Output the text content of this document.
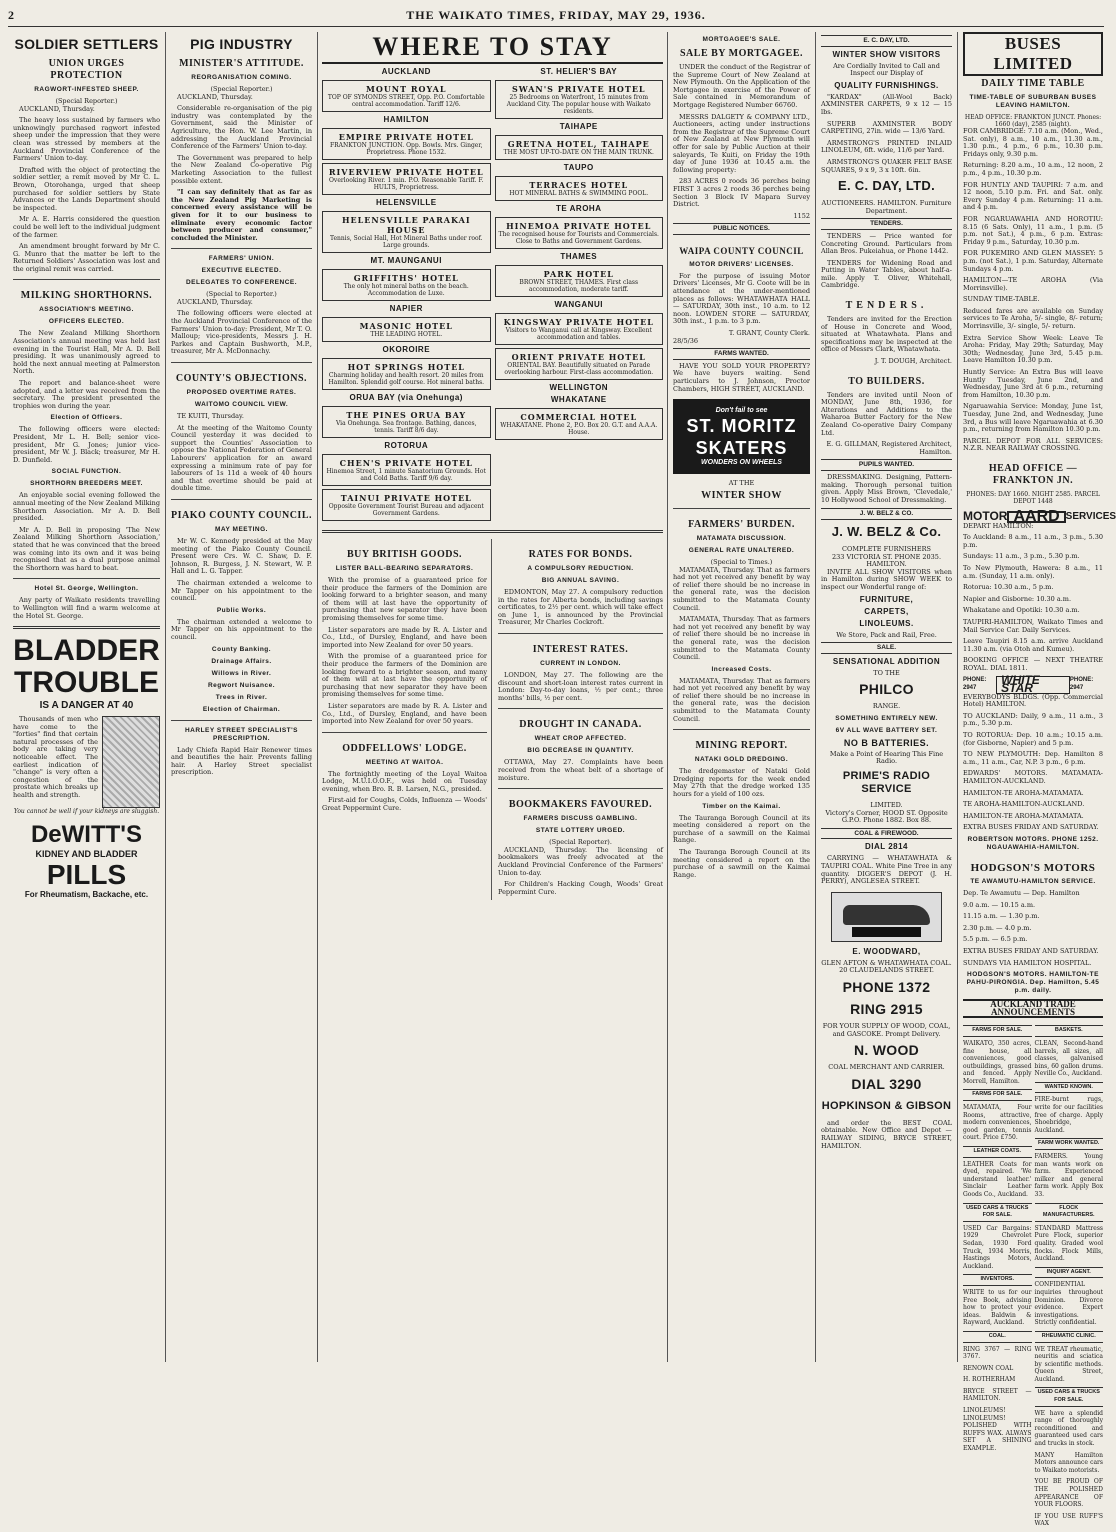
2	THE WAIKATO TIMES, FRIDAY, MAY 29, 1936.
SOLDIER SETTLERS
UNION URGES PROTECTION
RAGWORT-INFESTED SHEEP.
(Special Reporter.)

AUCKLAND, Thursday.

The heavy loss sustained by farmers who unknowingly purchased ragwort infested sheep under the impression that they were clean was stressed by members at the Auckland Provincial Conference of the Farmers' Union to-day.

Drafted with the object of protecting the soldier settler, a remit moved by Mr C. L. Brown, Otorohanga, urged that sheep purchased for soldier settlers by State Advances or the Lands Department should be inspected.

Mr A. E. Harris considered the question could be well left to the individual judgment of the farmer.

An amendment brought forward by Mr C. G. Munro that the matter be left to the Returned Soldiers' Association was lost and the original remit was carried.

MILKING SHORTHORNS.
ASSOCIATION'S MEETING.
OFFICERS ELECTED.

The New Zealand Milking Shorthorn Association's annual meeting was held last evening in the Tourist Hall, Mr A. D. Bell presiding. It was unanimously agreed to hold the next annual meeting at Palmerston North.

The report and balance-sheet were adopted, and a letter was received from the secretary. The president presented the trophies won during the year.

Election of Officers.

The following officers were elected: President, Mr L. H. Bell; senior vice-president, Mr G. Jones; junior vice-president, Mr W. J. Black; treasurer, Mr H. D. Dunfield.

SOCIAL FUNCTION.
SHORTHORN BREEDERS MEET.

An enjoyable social evening followed the annual meeting of the New Zealand Milking Shorthorn Association. Mr A. D. Bell presided.

Mr A. D. Bell in proposing 'The New Zealand Milking Shorthorn Association,' stated that he was convinced that the breed was coming into its own and it was being recognised that as a dual purpose animal the Shorthorn was hard to beat.

Hotel St. George, Wellington.

Any party of Waikato residents travelling to Wellington will find a warm welcome at the Hotel St. George.

BLADDER
TROUBLE
IS A DANGER AT 40

Thousands of men who have come to the "forties" find that certain natural processes of the body are taking very noticeable effect. The earliest indication of "change" is very often a congestion of the prostate which breaks up health and strength.

You cannot be well if your kidneys are sluggish.
DeWITT'S
KIDNEY AND BLADDER
PILLS
For Rheumatism, Backache, etc.
PIG INDUSTRY
MINISTER'S ATTITUDE.
REORGANISATION COMING.
(Special Reporter.)

AUCKLAND, Thursday.

Considerable re-organisation of the pig industry was contemplated by the Government, said the Minister of Agriculture, the Hon. W. Lee Martin, in addressing the Auckland Provincial Conference of the Farmers' Union to-day.

The Government was prepared to help the New Zealand Co-operative Pig Marketing Association to the fullest possible extent.

"I can say definitely that as far as the New Zealand Pig Marketing is concerned every assistance will be given for it to our business to eliminate every economic factor between producer and consumer," concluded the Minister.

FARMERS' UNION.
EXECUTIVE ELECTED.
DELEGATES TO CONFERENCE.
(Special to Reporter.)

AUCKLAND, Thursday.

The following officers were elected at the Auckland Provincial Conference of the Farmers' Union to-day: President, Mr T. O. Malloup; vice-presidents, Messrs J. H. Parkes and Captain Bushworth, M.P., treasurer, Mr A. McDonnachy.

COUNTY'S OBJECTIONS.
PROPOSED OVERTIME RATES.
WAITOMO COUNCIL VIEW.

TE KUITI, Thursday.

At the meeting of the Waitomo County Council yesterday it was decided to support the Counties' Association to oppose the National Federation of General Labourers' application for an award expressing a minimum rate of pay for labourers of 1s 11d a week of 40 hours and that overtime should be paid at double time.

PIAKO COUNTY COUNCIL.
MAY MEETING.

Mr W. C. Kennedy presided at the May meeting of the Piako County Council. Present were Crs. W. C. Shaw, D. F. Johnson, R. Burgess, J. N. Stewart, W. P. Hall and L. G. Tapper.

The chairman extended a welcome to Mr Tapper on his appointment to the council.

Public Works.

The chairman extended a welcome to Mr Tapper on his appointment to the council.

County Banking.
Drainage Affairs.
Willows in River.
Regwort Nuisance.
Trees in River.
Election of Chairman.
HARLEY STREET SPECIALIST'S PRESCRIPTION.

Lady Chiefa Rapid Hair Renewer times and beautifies the hair. Prevents falling hair. A Harley Street specialist prescription.

WHERE TO STAY
AUCKLAND
MOUNT ROYAL
TOP OF SYMONDS STREET, Opp. P.O. Comfortable central accommodation. Tariff 12/6.
HAMILTON
EMPIRE PRIVATE HOTEL
FRANKTON JUNCTION. Opp. Bowls. Mrs. Ginger, Proprietress. Phone 1532.
RIVERVIEW PRIVATE HOTEL
Overlooking River. 1 min. P.O. Reasonable Tariff. F. HULTS, Proprietress.
HELENSVILLE
HELENSVILLE PARAKAI HOUSE
Tennis, Social Hall, Hot Mineral Baths under roof. Large grounds.
MT. MAUNGANUI
GRIFFITHS' HOTEL
The only hot mineral baths on the beach. Accommodation de Luxe.
NAPIER
MASONIC HOTEL
THE LEADING HOTEL.
OKOROIRE
HOT SPRINGS HOTEL
Charming holiday and health resort. 20 miles from Hamilton. Splendid golf course. Hot mineral baths.
ORUA BAY (via Onehunga)
THE PINES ORUA BAY
Via Onehunga. Sea frontage. Bathing, dances, tennis. Tariff 8/6 day.
ROTORUA
CHEN'S PRIVATE HOTEL
Hinemoa Street, 1 minute Sanatorium Grounds. Hot and Cold Baths. Tariff 9/6 day.
TAINUI PRIVATE HOTEL
Opposite Government Tourist Bureau and adjacent Government Gardens.
ST. HELIER'S BAY
SWAN'S PRIVATE HOTEL
25 Bedrooms on Waterfront, 15 minutes from Auckland City. The popular house with Waikato residents.
TAIHAPE
GRETNA HOTEL, TAIHAPE
THE MOST UP-TO-DATE ON THE MAIN TRUNK.
TAUPO
TERRACES HOTEL
HOT MINERAL BATHS & SWIMMING POOL.
TE AROHA
HINEMOA PRIVATE HOTEL
The recognised house for Tourists and Commercials. Close to Baths and Government Gardens.
THAMES
PARK HOTEL
BROWN STREET, THAMES. First class accommodation, moderate tariff.
WANGANUI
KINGSWAY PRIVATE HOTEL
Visitors to Wanganui call at Kingsway. Excellent accommodation and tables.
ORIENT PRIVATE HOTEL
ORIENTAL BAY. Beautifully situated on Parade overlooking harbour. First-class accommodation.
WELLINGTON
WHAKATANE
COMMERCIAL HOTEL
WHAKATANE. Phone 2, P.O. Box 20. G.T. and A.A.A. House.
BUY BRITISH GOODS.
LISTER BALL-BEARING SEPARATORS.

With the promise of a guaranteed price for their produce the farmers of the Dominion are looking forward to a brighter season, and many of them will at last have the opportunity of purchasing that new separator they have been promising themselves for some time.

Lister separators are made by R. A. Lister and Co., Ltd., of Dursley, England, and have been imported into New Zealand for over 50 years.

With the promise of a guaranteed price for their produce the farmers of the Dominion are looking forward to a brighter season, and many of them will at last have the opportunity of purchasing that new separator they have been promising themselves for some time.

Lister separators are made by R. A. Lister and Co., Ltd., of Dursley, England, and have been imported into New Zealand for over 50 years.

ODDFELLOWS' LODGE.
MEETING AT WAITOA.

The fortnightly meeting of the Loyal Waitoa Lodge, M.U.I.O.O.F., was held on Tuesday evening, when Bro. R. B. Larsen, N.G., presided.

First-aid for Coughs, Colds, Influenza — Woods' Great Peppermint Cure.

RATES FOR BONDS.
A COMPULSORY REDUCTION.
BIG ANNUAL SAVING.

EDMONTON, May 27. A compulsory reduction in the rates for Alberta bonds, including savings certificates, to 2½ per cent. which will take effect on June 1, is announced by the Provincial Treasurer, Mr Charles Cockroft.

INTEREST RATES.
CURRENT IN LONDON.

LONDON, May 27. The following are the discount and short-loan interest rates current in London: Day-to-day loans, ½ per cent.; three months' bills, ½ per cent.

DROUGHT IN CANADA.
WHEAT CROP AFFECTED.
BIG DECREASE IN QUANTITY.

OTTAWA, May 27. Complaints have been received from the wheat belt of a shortage of moisture.

BOOKMAKERS FAVOURED.
FARMERS DISCUSS GAMBLING.
STATE LOTTERY URGED.
(Special Reporter).

AUCKLAND, Thursday. The licensing of bookmakers was freely advocated at the Auckland Provincial Conference of the Farmers' Union to-day.

For Children's Hacking Cough, Woods' Great Peppermint Cure.

MORTGAGEE'S SALE.
SALE BY MORTGAGEE.

UNDER the conduct of the Registrar of the Supreme Court of New Zealand at New Plymouth. On the Application of the Mortgagee in exercise of the Power of Sale contained in Memorandum of Mortgage Registered Number 66760.

MESSRS DALGETY & COMPANY LTD., Auctioneers, acting under instructions from the Registrar of the Supreme Court of New Zealand at New Plymouth will offer for sale by Public Auction at their saleyards, Te Kuiti, on Friday the 19th day of June 1936 at 10.45 a.m. the following property:

283 ACRES 0 roods 36 perches being FIRST 3 acres 2 roods 36 perches being Section 3 Block IV Mapara Survey District.

1152
PUBLIC NOTICES.
WAIPA COUNTY COUNCIL
MOTOR DRIVERS' LICENSES.

For the purpose of issuing Motor Drivers' Licenses, Mr G. Coote will be in attendance at the under-mentioned places as follows: WHATAWHATA HALL — SATURDAY, 30th inst., 10 a.m. to 12 noon. LOWDEN STORE — SATURDAY, 30th inst., 1 p.m. to 3 p.m.

T. GRANT, County Clerk.
28/5/36
FARMS WANTED.

HAVE YOU SOLD YOUR PROPERTY? We have buyers waiting. Send particulars to J. Johnson, Proctor Chambers, HIGH STREET, AUCKLAND.

Don't fail to see
ST. MORITZ
SKATERS
WONDERS ON WHEELS
AT THE
WINTER SHOW
FARMERS' BURDEN.
MATAMATA DISCUSSION.
GENERAL RATE UNALTERED.
(Special to Times.)

MATAMATA, Thursday. That as farmers had not yet received any benefit by way of relief there should be no increase in the general rate, was the decision submitted to the Matamata County Council.

MATAMATA, Thursday. That as farmers had not yet received any benefit by way of relief there should be no increase in the general rate, was the decision submitted to the Matamata County Council.

Increased Costs.

MATAMATA, Thursday. That as farmers had not yet received any benefit by way of relief there should be no increase in the general rate, was the decision submitted to the Matamata County Council.

MINING REPORT.
NATAKI GOLD DREDGING.

The dredgemaster of Nataki Gold Dredging reports for the week ended May 27th that the dredge worked 135 hours for a yield of 100 ozs.

Timber on the Kaimai.

The Tauranga Borough Council at its meeting considered a report on the purchase of a sawmill on the Kaimai Range.

The Tauranga Borough Council at its meeting considered a report on the purchase of a sawmill on the Kaimai Range.

E. C. DAY, LTD.
WINTER SHOW VISITORS
Are Cordially Invited to Call and Inspect our Display of
QUALITY FURNISHINGS.

"KARDAX" (All-Wool Back) AXMINSTER CARPETS, 9 x 12 — 15 lbs.

SUPERB AXMINSTER BODY CARPETING, 27in. wide — 13/6 Yard.

ARMSTRONG'S PRINTED INLAID LINOLEUM, 6ft. wide, 11/6 per Yard.

ARMSTRONG'S QUAKER FELT BASE SQUARES, 9 x 9, 3 x 10ft. 6in.

E. C. DAY, LTD.
AUCTIONEERS. HAMILTON. Furniture Department.
TENDERS.

TENDERS — Price wanted for Concreting Ground. Particulars from Allan Bros. Pukeiahua, or Phone 1442.

TENDERS for Widening Road and Putting in Water Tables, about half-a-mile. Apply T. Oliver, Whitehall, Cambridge.

TENDERS.

Tenders are invited for the Erection of House in Concrete and Wood, situated at Whatawhata. Plans and specifications may be inspected at the office of Messrs Clark, Whatawhata.

J. T. DOUGH, Architect.
TO BUILDERS.

Tenders are invited until Noon of MONDAY, June 8th, 1936, for Alterations and Additions to the Waharoa Butter Factory for the New Zealand Co-operative Dairy Company Ltd.

E. G. GILLMAN, Registered Architect, Hamilton.
PUPILS WANTED.

DRESSMAKING. Designing, Pattern-making. Thorough personal tuition given. Apply Miss Brown, 'Clevedale,' 10 Hollywood School of Dressmaking.

J. W. BELZ & CO.
J. W. BELZ & Co.
COMPLETE FURNISHERS
233 VICTORIA ST. PHONE 2035.
HAMILTON.

INVITE ALL SHOW VISITORS when in Hamilton during SHOW WEEK to inspect our Wonderful range of:

FURNITURE,
CARPETS,
LINOLEUMS.
We Store, Pack and Rail, Free.
SALE.
SENSATIONAL ADDITION
TO THE
PHILCO
RANGE.
SOMETHING ENTIRELY NEW.
6V ALL WAVE BATTERY SET.
NO B BATTERIES.
Make a Point of Hearing This Fine Radio.
PRIME'S RADIO SERVICE
LIMITED.
Victory's Corner, HOOD ST. Opposite G.P.O. Phone 1882. Box 88.
COAL & FIREWOOD.
DIAL 2814

CARRYING — WHATAWHATA & TAUPIRI COAL. White Pine Tree in any quantity. DIGGER'S DEPOT (J. H. PERRY), ANGLESEA STREET.

E. WOODWARD,
GLEN AFTON & WHATAWHATA COAL.
20 CLAUDELANDS STREET.
PHONE 1372
RING 2915
FOR YOUR SUPPLY OF WOOD, COAL, and GASCOKE. Prompt Delivery.
N. WOOD
COAL MERCHANT AND CARRIER.
DIAL 3290
HOPKINSON & GIBSON

and order the BEST COAL obtainable. New Office and Depot — RAILWAY SIDING, BRYCE STREET, HAMILTON.

BUSES LIMITED
DAILY TIME TABLE
TIME-TABLE OF SUBURBAN BUSES LEAVING HAMILTON.
HEAD OFFICE: FRANKTON JUNCT. Phones: 1660 (day), 2585 (night).

FOR CAMBRIDGE: 7.10 a.m. (Mon., Wed., Sat. only), 8 a.m., 10 a.m., 11.30 a.m., 1.30 p.m., 4 p.m., 6 p.m., 10.30 p.m. Fridays only, 9.30 p.m.

Returning: 8.20 a.m., 10 a.m., 12 noon, 2 p.m., 4 p.m., 10.30 p.m.

FOR HUNTLY AND TAUPIRI: 7 a.m. and 12 noon, 5.10 p.m. Fri. and Sat. only. Every Sunday 4 p.m. Returning: 11 a.m. and 4 p.m.

FOR NGARUAWAHIA AND HOROTIU: 8.15 (6 Sats. Only), 11 a.m., 1 p.m. (5 p.m. not Sat.), 4 p.m., 6 p.m. Extras: Friday 9 p.m., Saturday, 10.30 p.m.

FOR PUKEMIRO AND GLEN MASSEY: 5 p.m. (not Sat.), 1 p.m. Saturday, Alternate Sundays 4 p.m.

HAMILTON—TE AROHA (Via Morrinsville).

SUNDAY TIME-TABLE.

Reduced fares are available on Sunday services to Te Aroha, 5/- single, 8/- return; Morrinsville, 3/- single, 5/- return.

Extra Service Show Week: Leave Te Aroha: Friday, May 29th; Saturday, May 30th; Wednesday, June 3rd, 5.45 p.m. Leave Hamilton 10.30 p.m.

Huntly Service: An Extra Bus will leave Huntly Tuesday, June 2nd, and Wednesday, June 3rd at 6 p.m., returning from Hamilton, 10.30 p.m.

Ngaruawahia Service: Monday, June 1st, Tuesday, June 2nd, and Wednesday, June 3rd, a Bus will leave Ngaruawahia at 6.30 p.m., returning from Hamilton 10.30 p.m.

PARCEL DEPOT FOR ALL SERVICES: N.Z.R. NEAR RAILWAY CROSSING.

HEAD OFFICE — FRANKTON JN.
PHONES: DAY 1660. NIGHT 2585. PARCEL DEPOT 1448
MOTOR AARD SERVICES

DEPART HAMILTON:

To Auckland: 8 a.m., 11 a.m., 3 p.m., 5.30 p.m.

Sundays: 11 a.m., 3 p.m., 5.30 p.m.

To New Plymouth, Hawera: 8 a.m., 11 a.m. (Sunday, 11 a.m. only).

Rotorua: 10.30 a.m., 5 p.m.

Napier and Gisborne: 10.30 a.m.

Whakatane and Opotiki: 10.30 a.m.

TAUPIRI-HAMILTON, Waikato Times and Mail Service Car. Daily Services.

Leave Taupiri 8.15 a.m. arrive Auckland 11.30 a.m. (via Otoh and Kumeu).

BOOKING OFFICE — NEXT THEATRE ROYAL. DIAL 1811.

PHONE: 2947
WHITE STAR
PHONE: 2947

EVERYBODYS BLDGS. (Opp. Commercial Hotel) HAMILTON.

TO AUCKLAND: Daily, 9 a.m., 11 a.m., 3 p.m., 5.30 p.m.

TO ROTORUA: Dep. 10 a.m.; 10.15 a.m. (for Gisborne, Napier) and 5 p.m.

TO NEW PLYMOUTH: Dep. Hamilton 8 a.m., 11 a.m., Car, N.P. 3 p.m., 6 p.m.

EDWARDS' MOTORS. MATAMATA-HAMILTON-AUCKLAND.

HAMILTON-TE AROHA-MATAMATA.

TE AROHA-HAMILTON-AUCKLAND.

HAMILTON-TE AROHA-MATAMATA.

EXTRA BUSES FRIDAY AND SATURDAY.

ROBERTSON MOTORS. PHONE 1252. NGAUAWAHIA-HAMILTON.
HODGSON'S MOTORS
TE AWAMUTU-HAMILTON SERVICE.

Dep. Te Awamutu — Dep. Hamilton

9.0 a.m. — 10.15 a.m.

11.15 a.m. — 1.30 p.m.

2.30 p.m. — 4.0 p.m.

5.5 p.m. — 6.5 p.m.

EXTRA BUSES FRIDAY AND SATURDAY.

SUNDAYS VIA HAMILTON HOSPITAL.

HODGSON'S MOTORS. HAMILTON-TE PAHU-PIRONGIA. Dep. Hamilton, 5.45 p.m. daily.
AUCKLAND TRADE ANNOUNCEMENTS
FARMS FOR SALE.

WAIKATO, 350 acres, fine house, all conveniences, good outbuildings, grassed and fenced. Apply Morrell, Hamilton.

FARMS FOR SALE.

MATAMATA, Four Rooms, attractive, modern conveniences, good garden, tennis court. Price £750.

LEATHER COATS.

LEATHER Coats for dyed, repaired. 'We understand leather.' Sinclair Leather Goods Co., Auckland.

USED CARS & TRUCKS FOR SALE.

USED Car Bargains: 1929 Chevrolet Sedan, 1930 Ford Truck, 1934 Morris, Hastings Motors, Auckland.

INVENTORS.

WRITE to us for our Free Book, advising how to protect your ideas. Baldwin & Rayward, Auckland.

COAL.

RING 3767 — RING 3767.

RENOWN COAL

H. ROTHERHAM

BRYCE STREET — HAMILTON.

LINOLEUMS! LINOLEUMS! POLISHED WITH RUFFS WAX. ALWAYS SET A SHINING EXAMPLE.

BASKETS.

CLEAN, Second-hand barrels, all sizes, all classes, galvanised bins, 60 gallon drums. Neville Co., Auckland.

WANTED KNOWN.

FIRE-burnt rugs, write for our facilities free of charge. Apply Shoebridge, Auckland.

FARM WORK WANTED.

FARMERS. Young man wants work on farm. Experienced milker and general farm work. Apply Box 33.

FLOCK MANUFACTURERS.

STANDARD Mattress Pure Flock, superior quality. Graded wool flocks. Flock Mills, Auckland.

INQUIRY AGENT.

CONFIDENTIAL inquiries throughout Dominion. Divorce evidence. Expert investigations. Strictly confidential.

RHEUMATIC CLINIC.

WE TREAT rheumatic, neuritis and sciatica by scientific methods. Queen Street, Auckland.

USED CARS & TRUCKS FOR SALE.

WE have a splendid range of thoroughly reconditioned and guaranteed used cars and trucks in stock.

MANY Hamilton Motors announce cars to Waikato motorists.

YOU BE PROUD OF THE POLISHED APPEARANCE OF YOUR FLOORS.

IF YOU USE RUFF'S WAX
